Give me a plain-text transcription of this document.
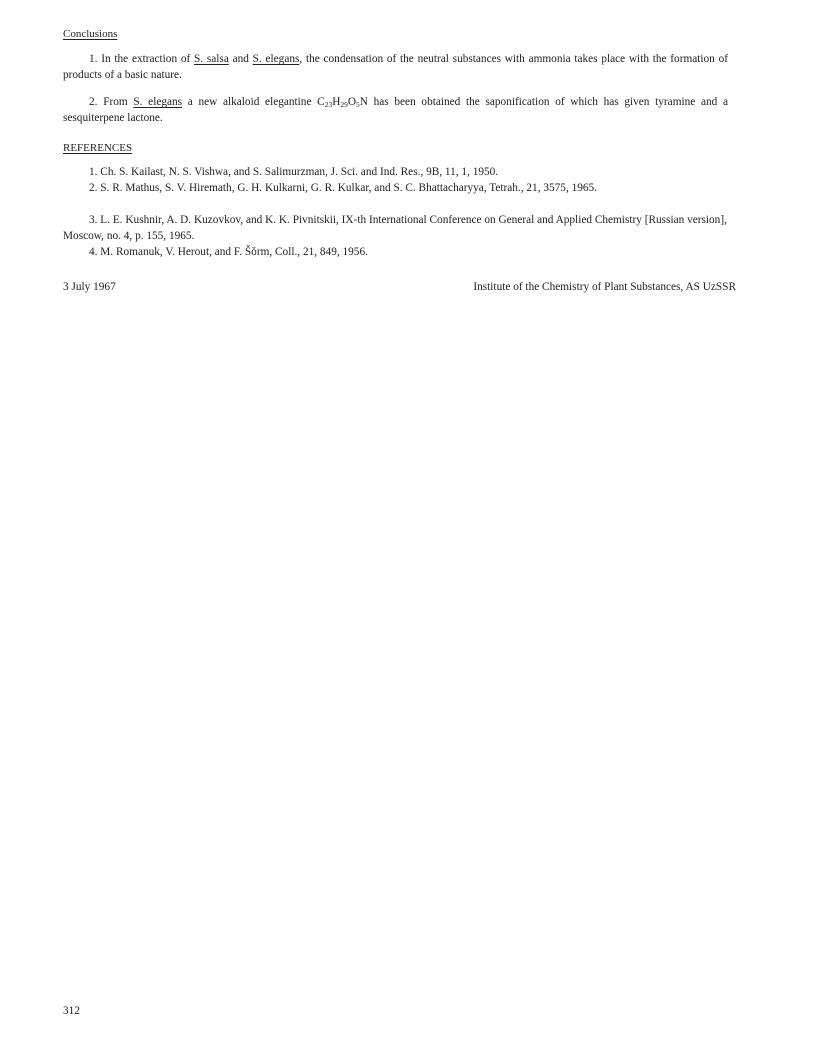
Conclusions
1. In the extraction of S. salsa and S. elegans, the condensation of the neutral substances with ammonia takes place with the formation of products of a basic nature.
2. From S. elegans a new alkaloid elegantine $C_{23}H_{29}O_5N$ has been obtained the saponification of which has given tyramine and a sesquiterpene lactone.
REFERENCES
1. Ch. S. Kailast, N. S. Vishwa, and S. Salimurzman, J. Sci. and Ind. Res., 9B, 11, 1, 1950.
2. S. R. Mathus, S. V. Hiremath, G. H. Kulkarni, G. R. Kulkar, and S. C. Bhattacharyya, Tetrah., 21, 3575, 1965.
3. L. E. Kushnir, A. D. Kuzovkov, and K. K. Pivnitskii, IX-th International Conference on General and Applied Chemistry [Russian version], Moscow, no. 4, p. 155, 1965.
4. M. Romanuk, V. Herout, and F. Šŏrm, Coll., 21, 849, 1956.
3 July 1967	Institute of the Chemistry of Plant Substances, AS UzSSR
312
